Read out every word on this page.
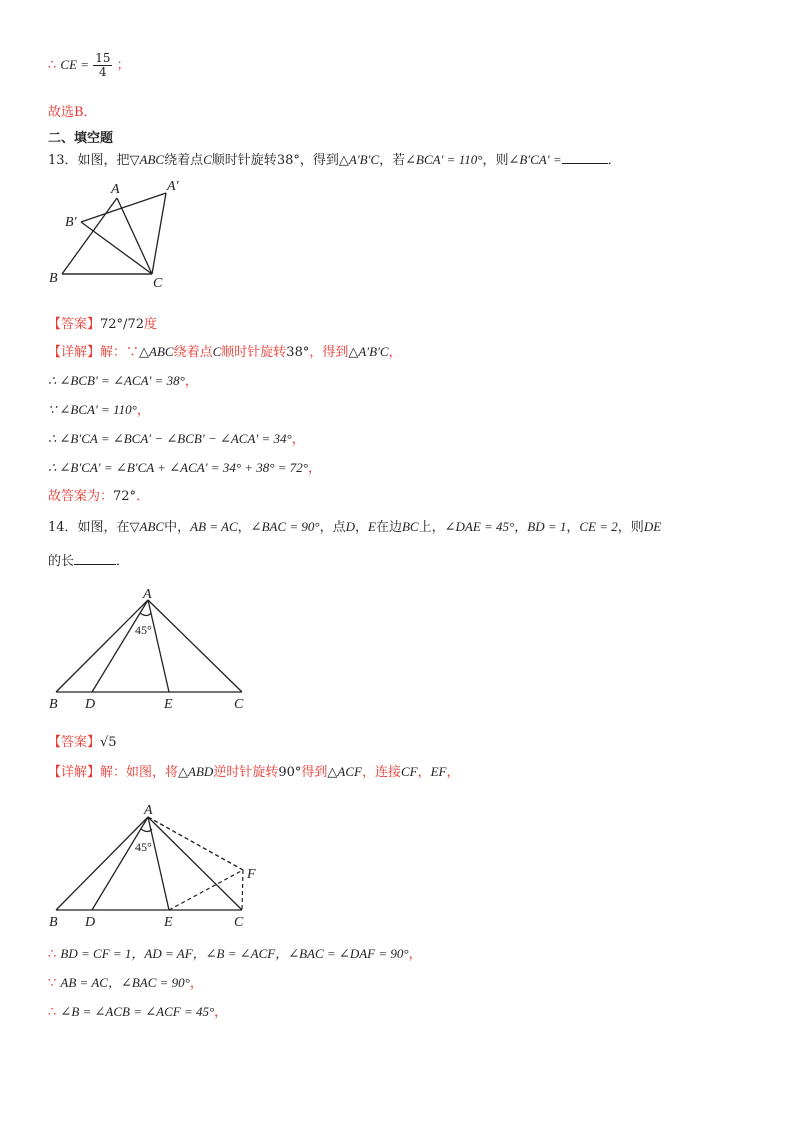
∴ CE = $\frac{15}{4}$ ；
故选B．
二、填空题
13．如图，把▽ABC绕着点C顺时针旋转38°，得到△A′B′C，若∠BCA′ = 110°，则∠B′CA′ =	．
A	A′
B′
B	C
【答案】72°/72度
【详解】解：∵△ABC绕着点C顺时针旋转38°，得到△A′B′C，
∴ ∠BCB′ = ∠ACA′ = 38°，
∵ ∠BCA′ = 110°，
∴ ∠B′CA = ∠BCA′ − ∠BCB′ − ∠ACA′ = 34°，
∴ ∠B′CA′ = ∠B′CA + ∠ACA′ = 34° + 38° = 72°，
故答案为：72°．
14．如图，在▽ABC中，AB = AC，∠BAC = 90°，点D，E在边BC上，∠DAE = 45°，BD = 1，CE = 2，则DE
的长	．
A
45°
B D	E	C
【答案】√5
【详解】解：如图，将△ABD逆时针旋转90°得到△ACF，连接CF，EF，
A
45°
F
B D	E	C
∴ BD = CF = 1，AD = AF，∠B = ∠ACF，∠BAC = ∠DAF = 90°，
∵ AB = AC，∠BAC = 90°，
∴ ∠B = ∠ACB = ∠ACF = 45°，
